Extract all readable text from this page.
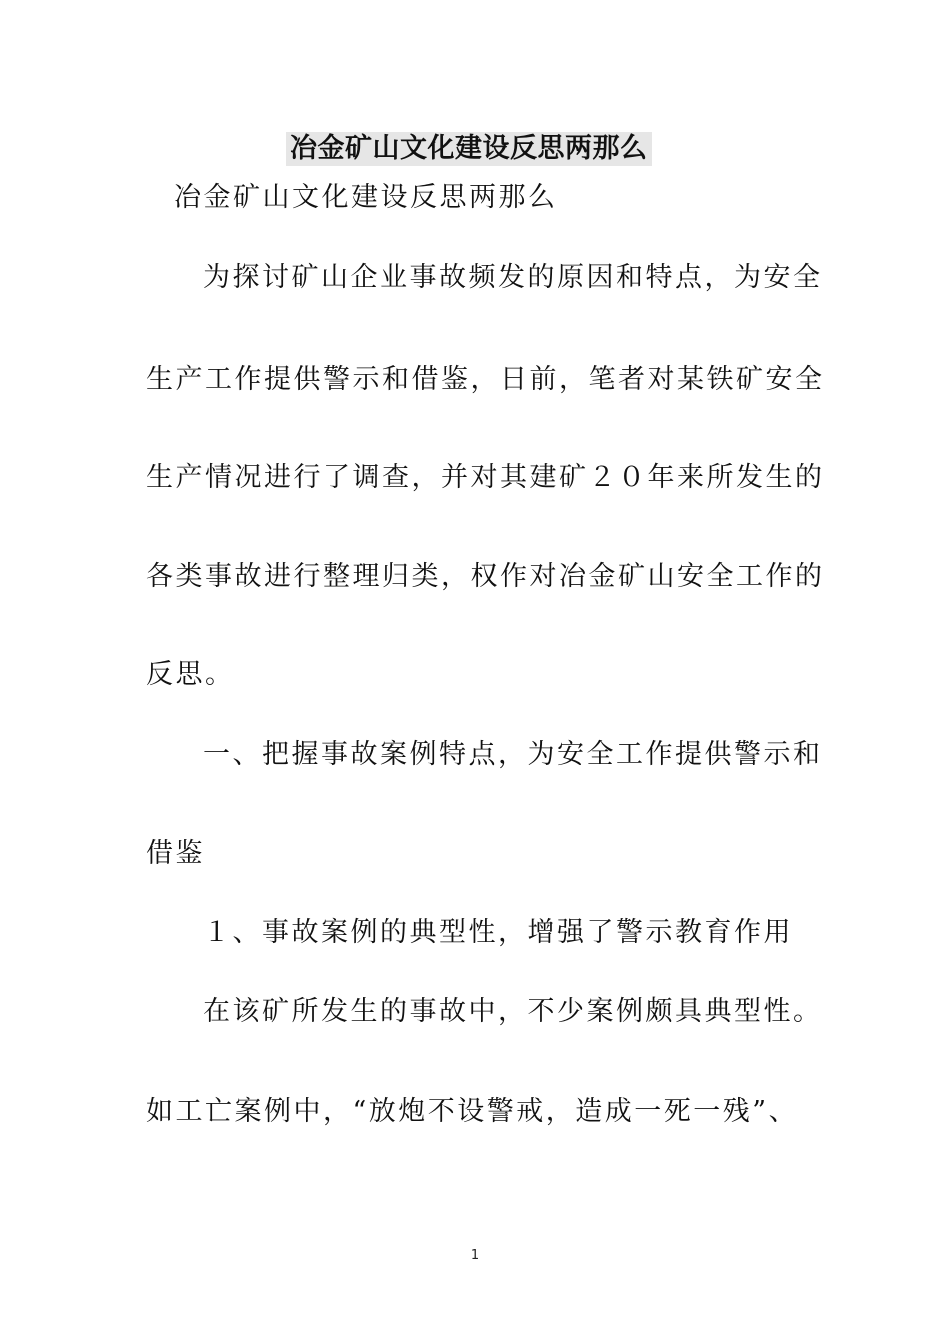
冶金矿山文化建设反思两那么
冶金矿山文化建设反思两那么
为探讨矿山企业事故频发的原因和特点，为安全
生产工作提供警示和借鉴，日前，笔者对某铁矿安全
生产情况进行了调查，并对其建矿２０年来所发生的
各类事故进行整理归类，权作对冶金矿山安全工作的
反思。
一、把握事故案例特点，为安全工作提供警示和
借鉴
１、事故案例的典型性，增强了警示教育作用
在该矿所发生的事故中，不少案例颇具典型性。
如工亡案例中，“放炮不设警戒，造成一死一残”、
1
